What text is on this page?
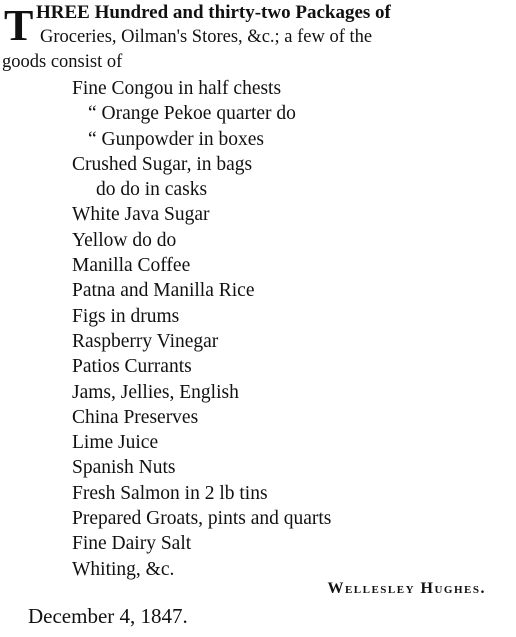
T HREE Hundred and thirty-two Packages of
Groceries, Oilman's Stores, &c.; a few of the
goods consist of
Fine Congou in half chests
“ Orange Pekoe quarter do
“ Gunpowder in boxes
Crushed Sugar, in bags
do do in casks
White Java Sugar
Yellow do do
Manilla Coffee
Patna and Manilla Rice
Figs in drums
Raspberry Vinegar
Patios Currants
Jams, Jellies, English
China Preserves
Lime Juice
Spanish Nuts
Fresh Salmon in 2 lb tins
Prepared Groats, pints and quarts
Fine Dairy Salt
Whiting, &c.
Wellesley Hughes.
December 4, 1847.
